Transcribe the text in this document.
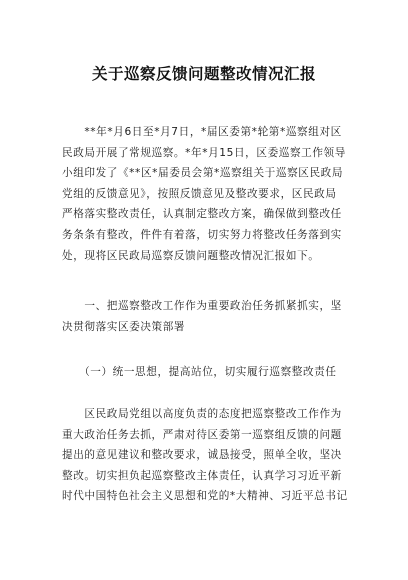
关于巡察反馈问题整改情况汇报
　　**年*月6日至*月7日，*届区委第*轮第*巡察组对区
民政局开展了常规巡察。*年*月15日，区委巡察工作领导
小组印发了《**区*届委员会第*巡察组关于巡察区民政局
党组的反馈意见》，按照反馈意见及整改要求，区民政局
严格落实整改责任，认真制定整改方案，确保做到整改任
务条条有整改，件件有着落，切实努力将整改任务落到实
处，现将区民政局巡察反馈问题整改情况汇报如下。
　　一、把巡察整改工作作为重要政治任务抓紧抓实，坚
决贯彻落实区委决策部署
　　（一）统一思想，提高站位，切实履行巡察整改责任
　　区民政局党组以高度负责的态度把巡察整改工作作为
重大政治任务去抓，严肃对待区委第一巡察组反馈的问题
提出的意见建议和整改要求，诚恳接受，照单全收，坚决
整改。切实担负起巡察整改主体责任，认真学习习近平新
时代中国特色社会主义思想和党的*大精神、习近平总书记
